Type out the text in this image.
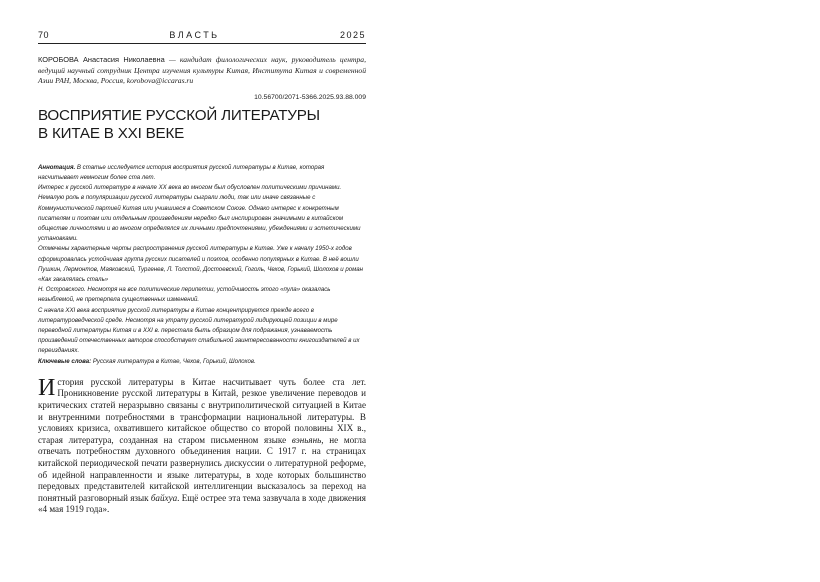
70	ВЛАСТЬ	2025
КОРОБОВА Анастасия Николаевна — кандидат филологических наук, руководитель центра, ведущий научный сотрудник Центра изучения культуры Китая, Института Китая и современной Азии РАН, Москва, Россия, korobova@iccaras.ru
10.56700/2071-5366.2025.93.88.009
ВОСПРИЯТИЕ РУССКОЙ ЛИТЕРАТУРЫ
В КИТАЕ В XXI ВЕКЕ

Аннотация. В статье исследуется история восприятия русской литературы в Китае, которая насчитывает немногим более ста лет.

Интерес к русской литературе в начале XX века во многом был обусловлен политическими причинами. Немалую роль в популяризации русской литературы сыграли люди, так или иначе связанные с Коммунистической партией Китая или учившиеся в Советском Союзе. Однако интерес к конкретным писателям и поэтам или отдельным произведениям нередко был инспирирован значимыми в китайском обществе личностями и во многом определялся их личными предпочтениями, убеждениями и эстетическими установками.

Отмечены характерные черты распространения русской литературы в Китае. Уже к началу 1950-х годов сформировалась устойчивая группа русских писателей и поэтов, особенно популярных в Китае. В неё вошли Пушкин, Лермонтов, Маяковский, Тургенев, Л. Толстой, Достоевский, Гоголь, Чехов, Горький, Шолохов и роман «Как закалялась сталь»

Н. Островского. Несмотря на все политические перипетии, устойчивость этого «пула» оказалась незыблемой, не претерпела существенных изменений.

С начала XXI века восприятие русской литературы в Китае концентрируется прежде всего в литературоведческой среде. Несмотря на утрату русской литературой лидирующей позиции в мире переводной литературы Китая и в XXI в. перестала быть образцом для подражания, узнаваемость произведений отечественных авторов способствует стабильной заинтересованности книгоиздателей в их переизданиях.

Ключевые слова: Русская литература в Китае, Чехов, Горький, Шолохов.

История русской литературы в Китае насчитывает чуть более ста лет. Проникновение русской литературы в Китай, резкое увеличение переводов и критических статей неразрывно связаны с внутриполитической ситуацией в Китае и внутренними потребностями в трансформации национальной литературы. В условиях кризиса, охватившего китайское общество со второй половины XIX в., старая литература, созданная на старом письменном языке вэньянь, не могла отвечать потребностям духовного объединения нации. С 1917 г. на страницах китайской периодической печати развернулись дискуссии о литературной реформе, об идейной направленности и языке литературы, в ходе которых большинство передовых представителей китайской интеллигенции высказалось за переход на понятный разговорный язык байхуа. Ещё острее эта тема зазвучала в ходе движения «4 мая 1919 года».
